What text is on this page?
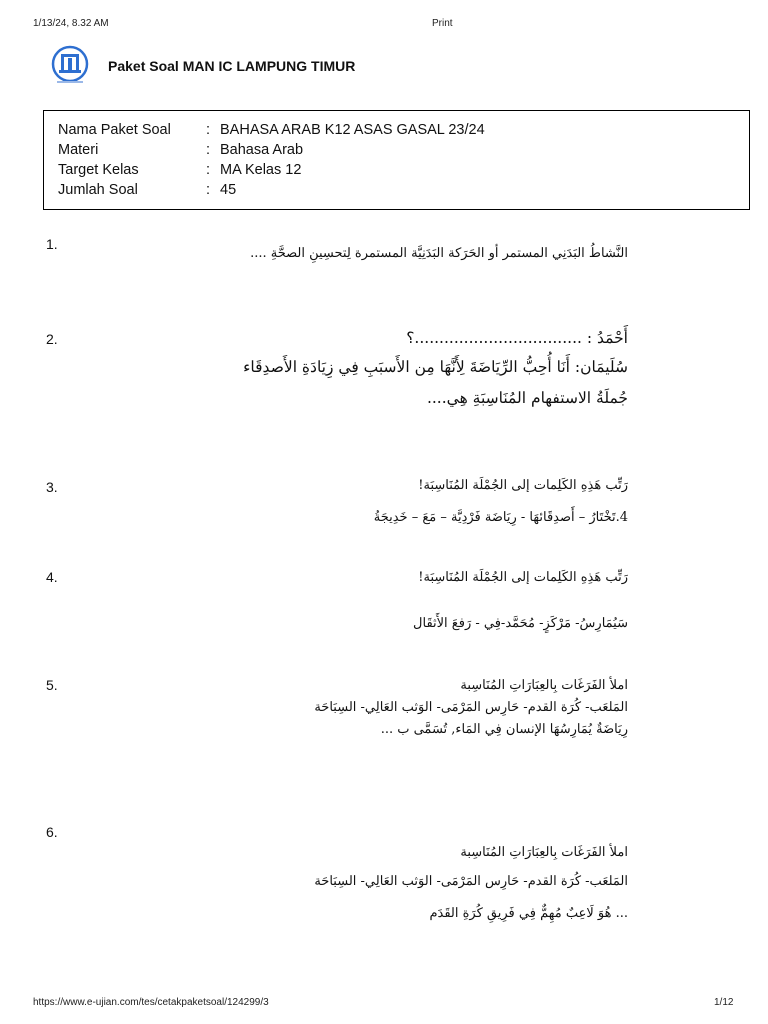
1/13/24, 8.32 AM	Print
Paket Soal MAN IC LAMPUNG TIMUR
Nama Paket Soal	: BAHASA ARAB K12 ASAS GASAL 23/24
Materi	: Bahasa Arab
Target Kelas	: MA Kelas 12
Jumlah Soal	: 45
1.
النَّشاطُ البَدَنِي المستمر أو الحَرَكة البَدَنِيَّة المستمرة لِتحسِينِ الصحَّةِ ....
2.	أَحْمَدُ : ..................................؟
سُلَيمَان: أَنَا أُحِبُّ الرِّيَاضَةَ لِأَنَّهَا مِن الأَسبَبِ فِي زِيَادَةِ الأَصدِقَاء
جُملَةُ الاستفهام المُنَاسِبَةِ هِي....
3.	رَتِّب هَذِهِ الكَلِمات إلى الجُمْلَة المُنَاسِبَة!
4.تَخْتَارُ – أَصدِقَائهَا - رِيَاضَة فَرْدِيَّة – مَعَ – خَدِيجَةُ
4.	رَتِّب هَذِهِ الكَلِمات إلى الجُمْلَة المُنَاسِبَة!
سَيُمَارِسُ- مَرْكَزٍ- مُحَمَّد-فِي - رَفعَ الأَثقَال
5.	املأ الفَرَغَات بِالعِبَارَاتِ المُنَاسِبة
المَلعَب- كُرَة القدم- حَارِس المَرْمَى- الوَثب العَالِي- السِبَاحَة
رِيَاضَةٌ يُمَارِسُهَا الإنسان فِي المَاء, تُسَمَّى ب ...
6.
املأ الفَرَغَات بِالعِبَارَاتِ المُنَاسِبة
المَلعَب- كُرَة القدم- حَارِس المَرْمَى- الوَثب العَالِي- السِبَاحَة
... هُوَ لَاعِبٌ مُهِمٌّ فِي فَرِيقِ كُرَةِ القَدَم
https://www.e-ujian.com/tes/cetakpaketsoal/124299/3	1/12
